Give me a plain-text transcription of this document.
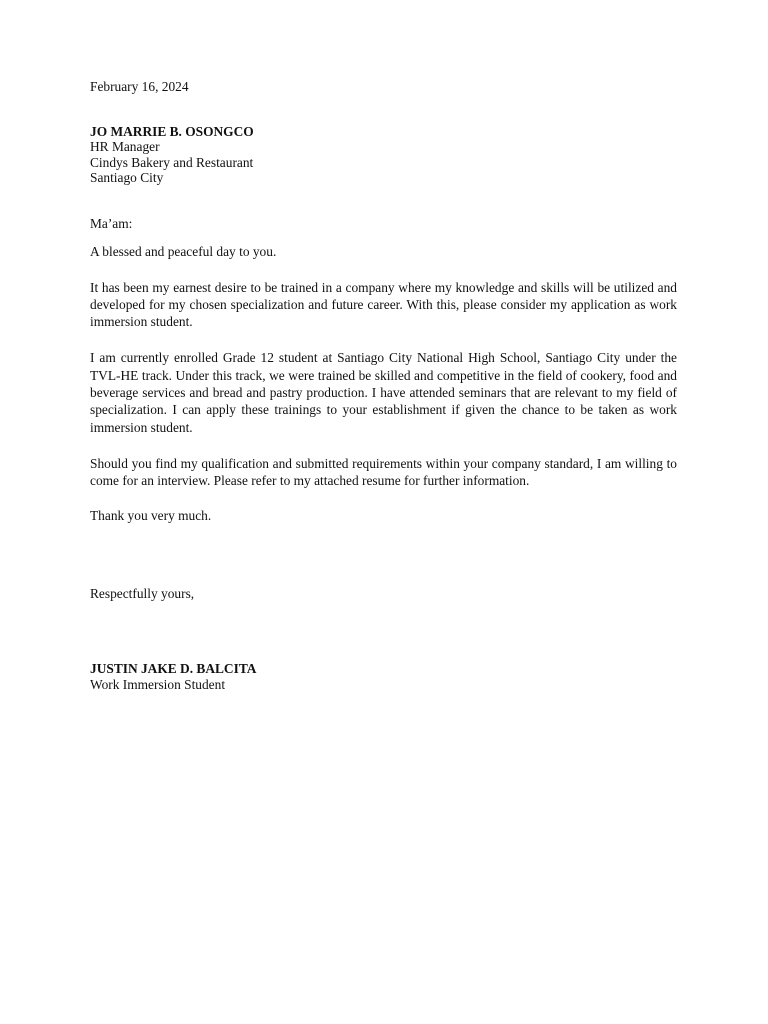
February 16, 2024
JO MARRIE B. OSONGCO
HR Manager
Cindys Bakery and Restaurant
Santiago City
Ma’am:
A blessed and peaceful day to you.

It has been my earnest desire to be trained in a company where my knowledge and skills will be utilized and developed for my chosen specialization and future career. With this, please consider my application as work immersion student.

I am currently enrolled Grade 12 student at Santiago City National High School, Santiago City under the TVL-HE track. Under this track, we were trained be skilled and competitive in the field of cookery, food and beverage services and bread and pastry production. I have attended seminars that are relevant to my field of specialization. I can apply these trainings to your establishment if given the chance to be taken as work immersion student.

Should you find my qualification and submitted requirements within your company standard, I am willing to come for an interview. Please refer to my attached resume for further information.

Thank you very much.
Respectfully yours,
JUSTIN JAKE D. BALCITA
Work Immersion Student
